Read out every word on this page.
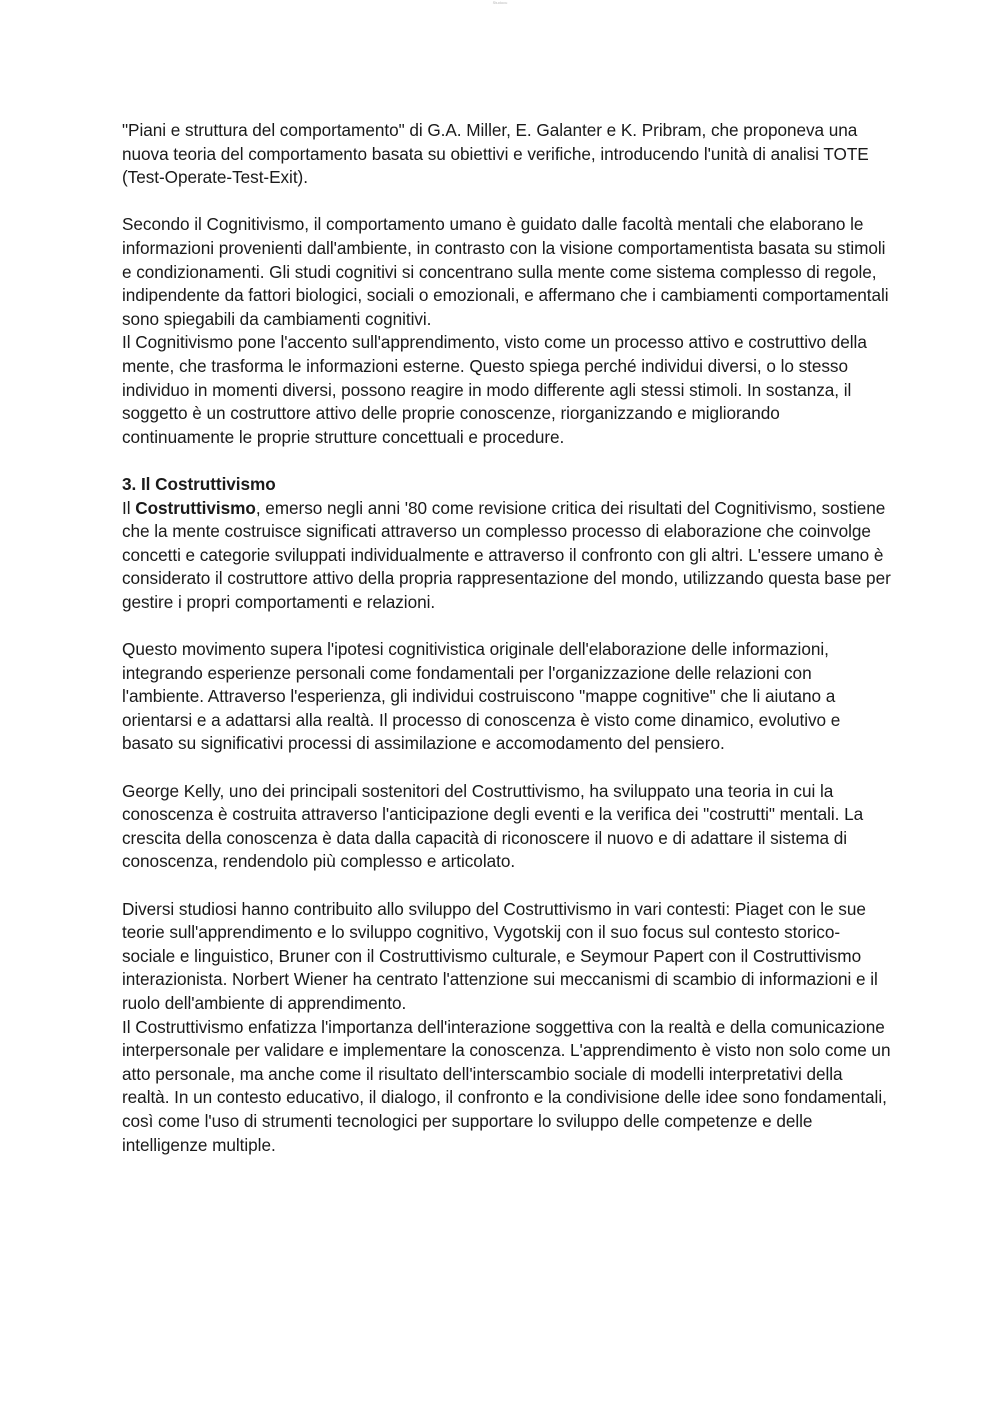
Studocu

"Piani e struttura del comportamento" di G.A. Miller, E. Galanter e K. Pribram, che proponeva una nuova teoria del comportamento basata su obiettivi e verifiche, introducendo l'unità di analisi TOTE (Test-Operate-Test-Exit).

Secondo il Cognitivismo, il comportamento umano è guidato dalle facoltà mentali che elaborano le informazioni provenienti dall'ambiente, in contrasto con la visione comportamentista basata su stimoli e condizionamenti. Gli studi cognitivi si concentrano sulla mente come sistema complesso di regole, indipendente da fattori biologici, sociali o emozionali, e affermano che i cambiamenti comportamentali sono spiegabili da cambiamenti cognitivi.

Il Cognitivismo pone l'accento sull'apprendimento, visto come un processo attivo e costruttivo della mente, che trasforma le informazioni esterne. Questo spiega perché individui diversi, o lo stesso individuo in momenti diversi, possono reagire in modo differente agli stessi stimoli. In sostanza, il soggetto è un costruttore attivo delle proprie conoscenze, riorganizzando e migliorando continuamente le proprie strutture concettuali e procedure.

3. Il Costruttivismo

Il Costruttivismo, emerso negli anni '80 come revisione critica dei risultati del Cognitivismo, sostiene che la mente costruisce significati attraverso un complesso processo di elaborazione che coinvolge concetti e categorie sviluppati individualmente e attraverso il confronto con gli altri. L'essere umano è considerato il costruttore attivo della propria rappresentazione del mondo, utilizzando questa base per gestire i propri comportamenti e relazioni.

Questo movimento supera l'ipotesi cognitivistica originale dell'elaborazione delle informazioni, integrando esperienze personali come fondamentali per l'organizzazione delle relazioni con l'ambiente. Attraverso l'esperienza, gli individui costruiscono "mappe cognitive" che li aiutano a orientarsi e a adattarsi alla realtà. Il processo di conoscenza è visto come dinamico, evolutivo e basato su significativi processi di assimilazione e accomodamento del pensiero.

George Kelly, uno dei principali sostenitori del Costruttivismo, ha sviluppato una teoria in cui la conoscenza è costruita attraverso l'anticipazione degli eventi e la verifica dei "costrutti" mentali. La crescita della conoscenza è data dalla capacità di riconoscere il nuovo e di adattare il sistema di conoscenza, rendendolo più complesso e articolato.

Diversi studiosi hanno contribuito allo sviluppo del Costruttivismo in vari contesti: Piaget con le sue teorie sull'apprendimento e lo sviluppo cognitivo, Vygotskij con il suo focus sul contesto storico-sociale e linguistico, Bruner con il Costruttivismo culturale, e Seymour Papert con il Costruttivismo interazionista. Norbert Wiener ha centrato l'attenzione sui meccanismi di scambio di informazioni e il ruolo dell'ambiente di apprendimento.

Il Costruttivismo enfatizza l'importanza dell'interazione soggettiva con la realtà e della comunicazione interpersonale per validare e implementare la conoscenza. L'apprendimento è visto non solo come un atto personale, ma anche come il risultato dell'interscambio sociale di modelli interpretativi della realtà. In un contesto educativo, il dialogo, il confronto e la condivisione delle idee sono fondamentali, così come l'uso di strumenti tecnologici per supportare lo sviluppo delle competenze e delle intelligenze multiple.
